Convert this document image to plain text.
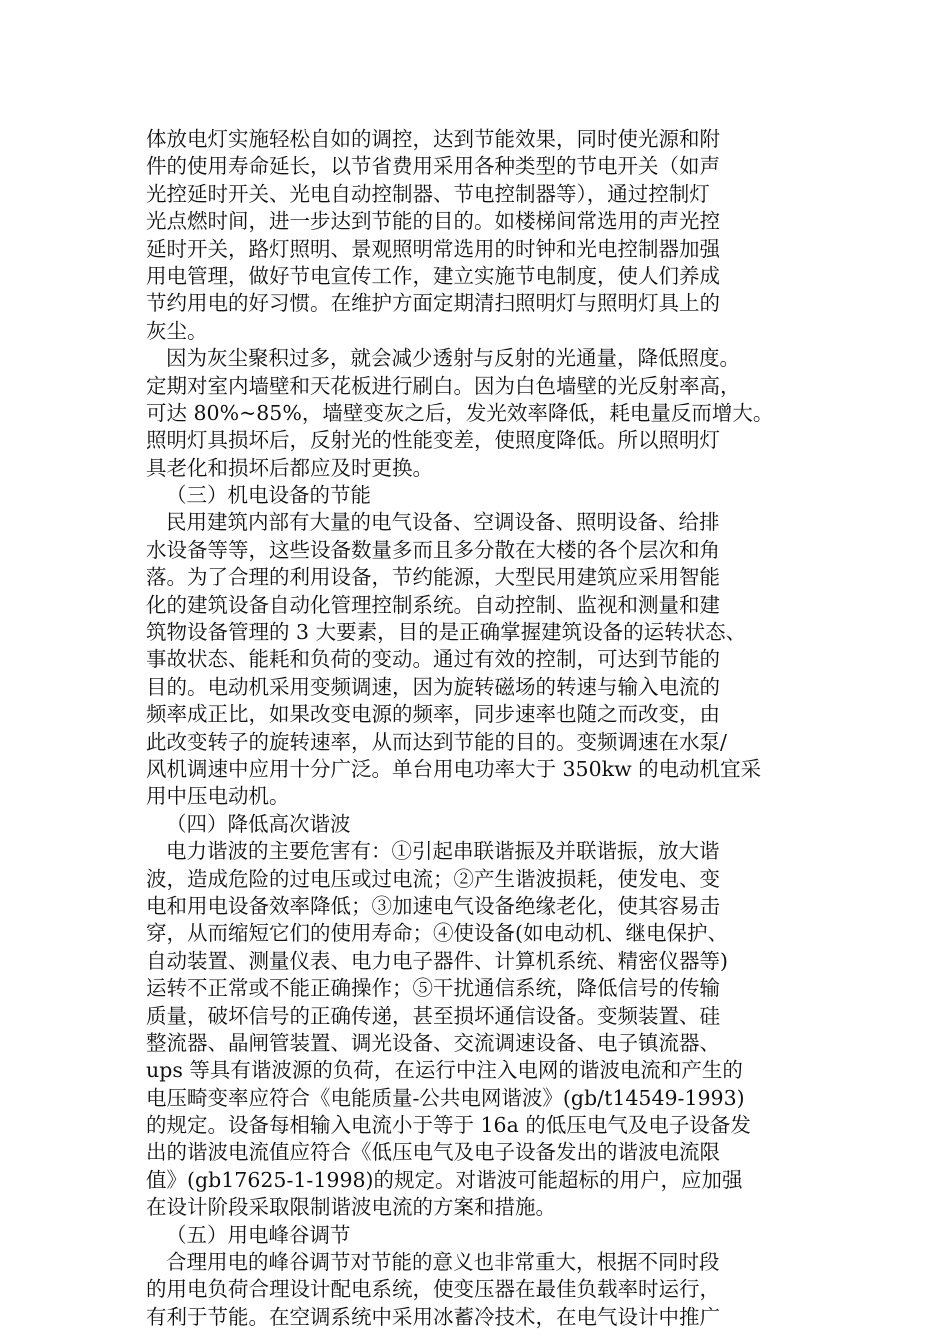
体放电灯实施轻松自如的调控，达到节能效果，同时使光源和附
件的使用寿命延长，以节省费用采用各种类型的节电开关（如声
光控延时开关、光电自动控制器、节电控制器等），通过控制灯
光点燃时间，进一步达到节能的目的。如楼梯间常选用的声光控
延时开关，路灯照明、景观照明常选用的时钟和光电控制器加强
用电管理，做好节电宣传工作，建立实施节电制度，使人们养成
节约用电的好习惯。在维护方面定期清扫照明灯与照明灯具上的
灰尘。
因为灰尘聚积过多，就会减少透射与反射的光通量，降低照度。
定期对室内墙壁和天花板进行刷白。因为白色墙壁的光反射率高，
可达 80%~85%，墙壁变灰之后，发光效率降低，耗电量反而增大。
照明灯具损坏后，反射光的性能变差，使照度降低。所以照明灯
具老化和损坏后都应及时更换。
（三）机电设备的节能
民用建筑内部有大量的电气设备、空调设备、照明设备、给排
水设备等等，这些设备数量多而且多分散在大楼的各个层次和角
落。为了合理的利用设备，节约能源，大型民用建筑应采用智能
化的建筑设备自动化管理控制系统。自动控制、监视和测量和建
筑物设备管理的 3 大要素，目的是正确掌握建筑设备的运转状态、
事故状态、能耗和负荷的变动。通过有效的控制，可达到节能的
目的。电动机采用变频调速，因为旋转磁场的转速与输入电流的
频率成正比，如果改变电源的频率，同步速率也随之而改变，由
此改变转子的旋转速率，从而达到节能的目的。变频调速在水泵/
风机调速中应用十分广泛。单台用电功率大于 350kw 的电动机宜采
用中压电动机。
（四）降低高次谐波
电力谐波的主要危害有：①引起串联谐振及并联谐振，放大谐
波，造成危险的过电压或过电流；②产生谐波损耗，使发电、变
电和用电设备效率降低；③加速电气设备绝缘老化，使其容易击
穿，从而缩短它们的使用寿命；④使设备(如电动机、继电保护、
自动装置、测量仪表、电力电子器件、计算机系统、精密仪器等)
运转不正常或不能正确操作；⑤干扰通信系统，降低信号的传输
质量，破坏信号的正确传递，甚至损坏通信设备。变频装置、硅
整流器、晶闸管装置、调光设备、交流调速设备、电子镇流器、
ups 等具有谐波源的负荷，在运行中注入电网的谐波电流和产生的
电压畸变率应符合《电能质量-公共电网谐波》(gb/t14549-1993)
的规定。设备每相输入电流小于等于 16a 的低压电气及电子设备发
出的谐波电流值应符合《低压电气及电子设备发出的谐波电流限
值》(gb17625-1-1998)的规定。对谐波可能超标的用户，应加强
在设计阶段采取限制谐波电流的方案和措施。
（五）用电峰谷调节
合理用电的峰谷调节对节能的意义也非常重大，根据不同时段
的用电负荷合理设计配电系统，使变压器在最佳负载率时运行，
有利于节能。在空调系统中采用冰蓄冷技术，在电气设计中推广
